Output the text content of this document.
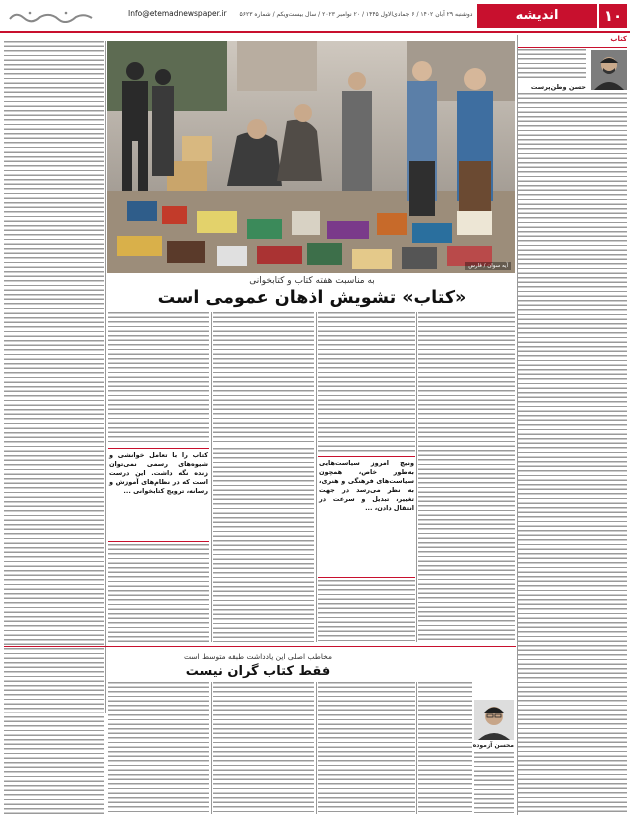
۱۰
اندیشه
دوشنبه ۲۹ آبان ۱۴۰۲ / ۶ جمادی‌الاول ۱۴۴۵ / ۲۰ نوامبر ۲۰۲۳ / سال بیست‌ویکم / شماره ۵۶۲۳
Info@etemadnewspaper.ir
کتاب
حسن وطن‌پرست
آیه سوان / فارس
به مناسبت هفته کتاب و کتابخوانی
«کتاب» تشویش اذهان عمومی است
ونیچ امروز سیاست‌هایی به‌طور خاص، همچون سیاست‌های فرهنگی و هنری، به نظر می‌رسد در جهت تغییر، تبدیل و سرعت در انتقال دادن، ...
کتاب را با تعامل خوانشی و شیوه‌های رسمی نمی‌توان زنده نگه داشت. این درست است که در نظام‌های آموزش و رسانه، ترویج کتابخوانی ...
مخاطب اصلی این یادداشت طبقه متوسط است
فقط کتاب گران نیست
محسن آزموده
